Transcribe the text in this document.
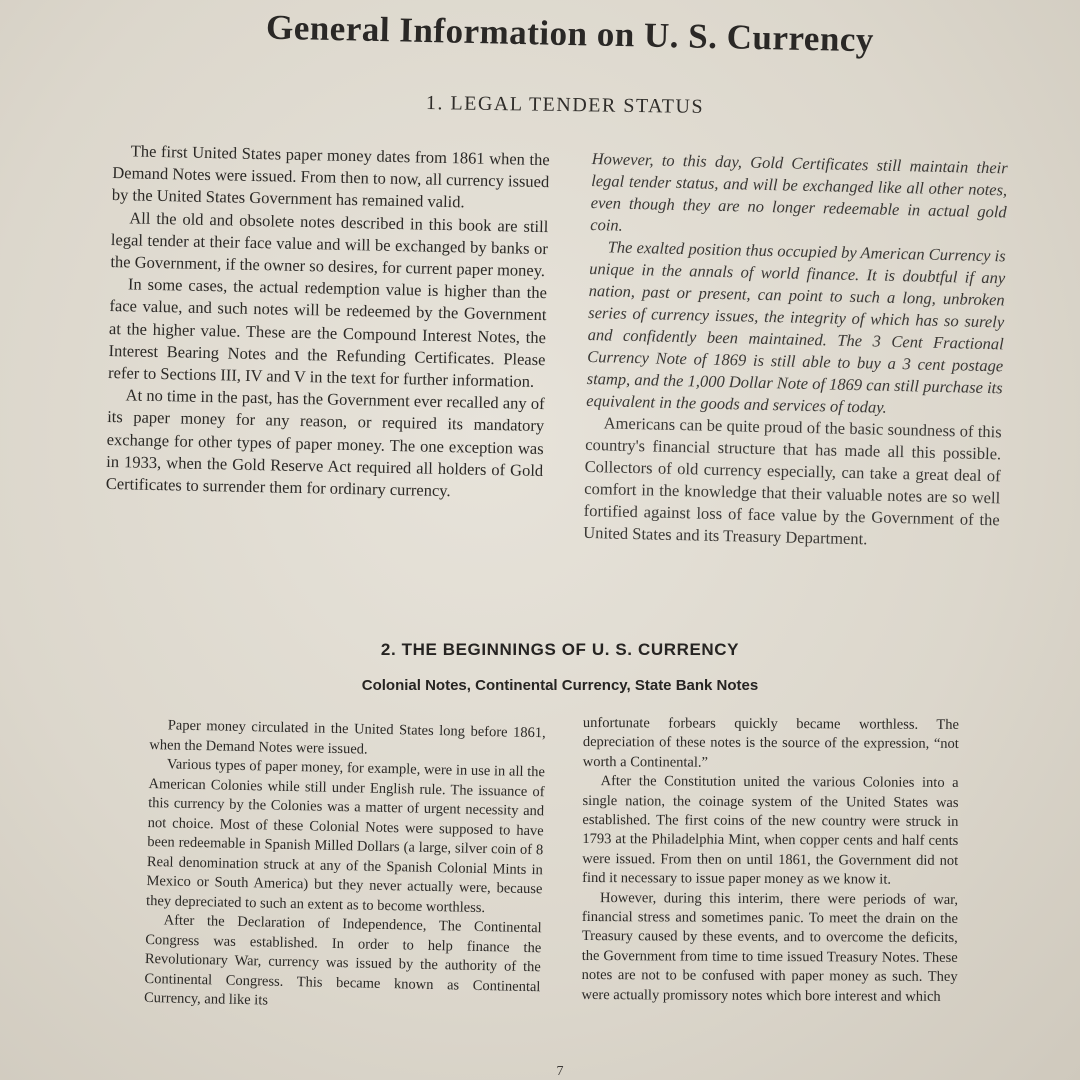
General Information on U. S. Currency
1. LEGAL TENDER STATUS

The first United States paper money dates from 1861 when the Demand Notes were issued. From then to now, all currency issued by the United States Government has remained valid.

All the old and obsolete notes described in this book are still legal tender at their face value and will be exchanged by banks or the Government, if the owner so desires, for current paper money.

In some cases, the actual redemption value is higher than the face value, and such notes will be redeemed by the Government at the higher value. These are the Compound Interest Notes, the Interest Bearing Notes and the Refunding Certificates. Please refer to Sections III, IV and V in the text for further information.

At no time in the past, has the Government ever recalled any of its paper money for any reason, or required its mandatory exchange for other types of paper money. The one exception was in 1933, when the Gold Reserve Act required all holders of Gold Certificates to surrender them for ordinary currency.

However, to this day, Gold Certificates still maintain their legal tender status, and will be exchanged like all other notes, even though they are no longer redeemable in actual gold coin.

The exalted position thus occupied by American Currency is unique in the annals of world finance. It is doubtful if any nation, past or present, can point to such a long, unbroken series of currency issues, the integrity of which has so surely and confidently been maintained. The 3 Cent Fractional Currency Note of 1869 is still able to buy a 3 cent postage stamp, and the 1,000 Dollar Note of 1869 can still purchase its equivalent in the goods and services of today.

Americans can be quite proud of the basic soundness of this country's financial structure that has made all this possible. Collectors of old currency especially, can take a great deal of comfort in the knowledge that their valuable notes are so well fortified against loss of face value by the Government of the United States and its Treasury Department.

2. THE BEGINNINGS OF U. S. CURRENCY
Colonial Notes, Continental Currency, State Bank Notes

Paper money circulated in the United States long before 1861, when the Demand Notes were issued.

Various types of paper money, for example, were in use in all the American Colonies while still under English rule. The issuance of this currency by the Colonies was a matter of urgent necessity and not choice. Most of these Colonial Notes were supposed to have been redeemable in Spanish Milled Dollars (a large, silver coin of 8 Real denomination struck at any of the Spanish Colonial Mints in Mexico or South America) but they never actually were, because they depreciated to such an extent as to become worthless.

After the Declaration of Independence, The Continental Congress was established. In order to help finance the Revolutionary War, currency was issued by the authority of the Continental Congress. This became known as Continental Currency, and like its

unfortunate forbears quickly became worthless. The depreciation of these notes is the source of the expression, “not worth a Continental.”

After the Constitution united the various Colonies into a single nation, the coinage system of the United States was established. The first coins of the new country were struck in 1793 at the Philadelphia Mint, when copper cents and half cents were issued. From then on until 1861, the Government did not find it necessary to issue paper money as we know it.

However, during this interim, there were periods of war, financial stress and sometimes panic. To meet the drain on the Treasury caused by these events, and to overcome the deficits, the Government from time to time issued Treasury Notes. These notes are not to be confused with paper money as such. They were actually promissory notes which bore interest and which

7
